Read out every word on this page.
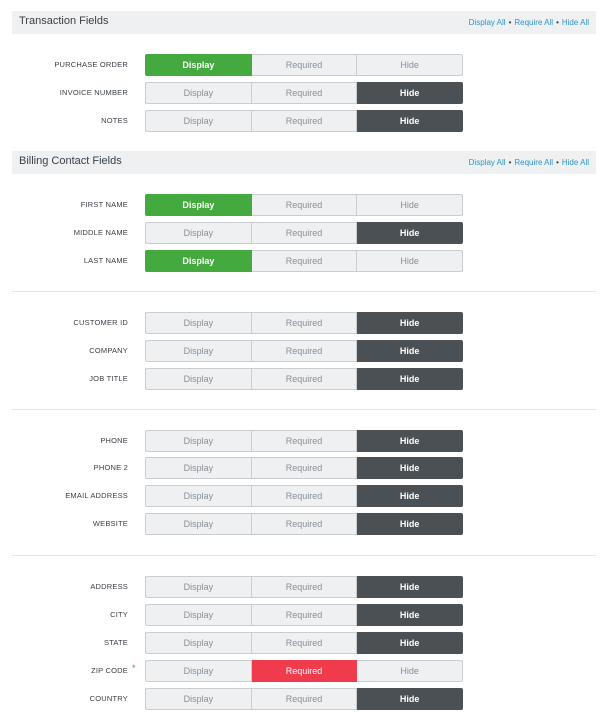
Transaction Fields	Display All • Require All • Hide All
PURCHASE ORDER	Display	Required	Hide
INVOICE NUMBER	Display	Required	Hide
NOTES	Display	Required	Hide
Billing Contact Fields	Display All • Require All • Hide All
FIRST NAME	Display	Required	Hide
MIDDLE NAME	Display	Required	Hide
LAST NAME	Display	Required	Hide
CUSTOMER ID	Display	Required	Hide
COMPANY	Display	Required	Hide
JOB TITLE	Display	Required	Hide
PHONE	Display	Required	Hide
PHONE 2	Display	Required	Hide
EMAIL ADDRESS	Display	Required	Hide
WEBSITE	Display	Required	Hide
ADDRESS	Display	Required	Hide
CITY	Display	Required	Hide
STATE	Display	Required	Hide
ZIP CODE *	Display	Required	Hide
COUNTRY	Display	Required	Hide
